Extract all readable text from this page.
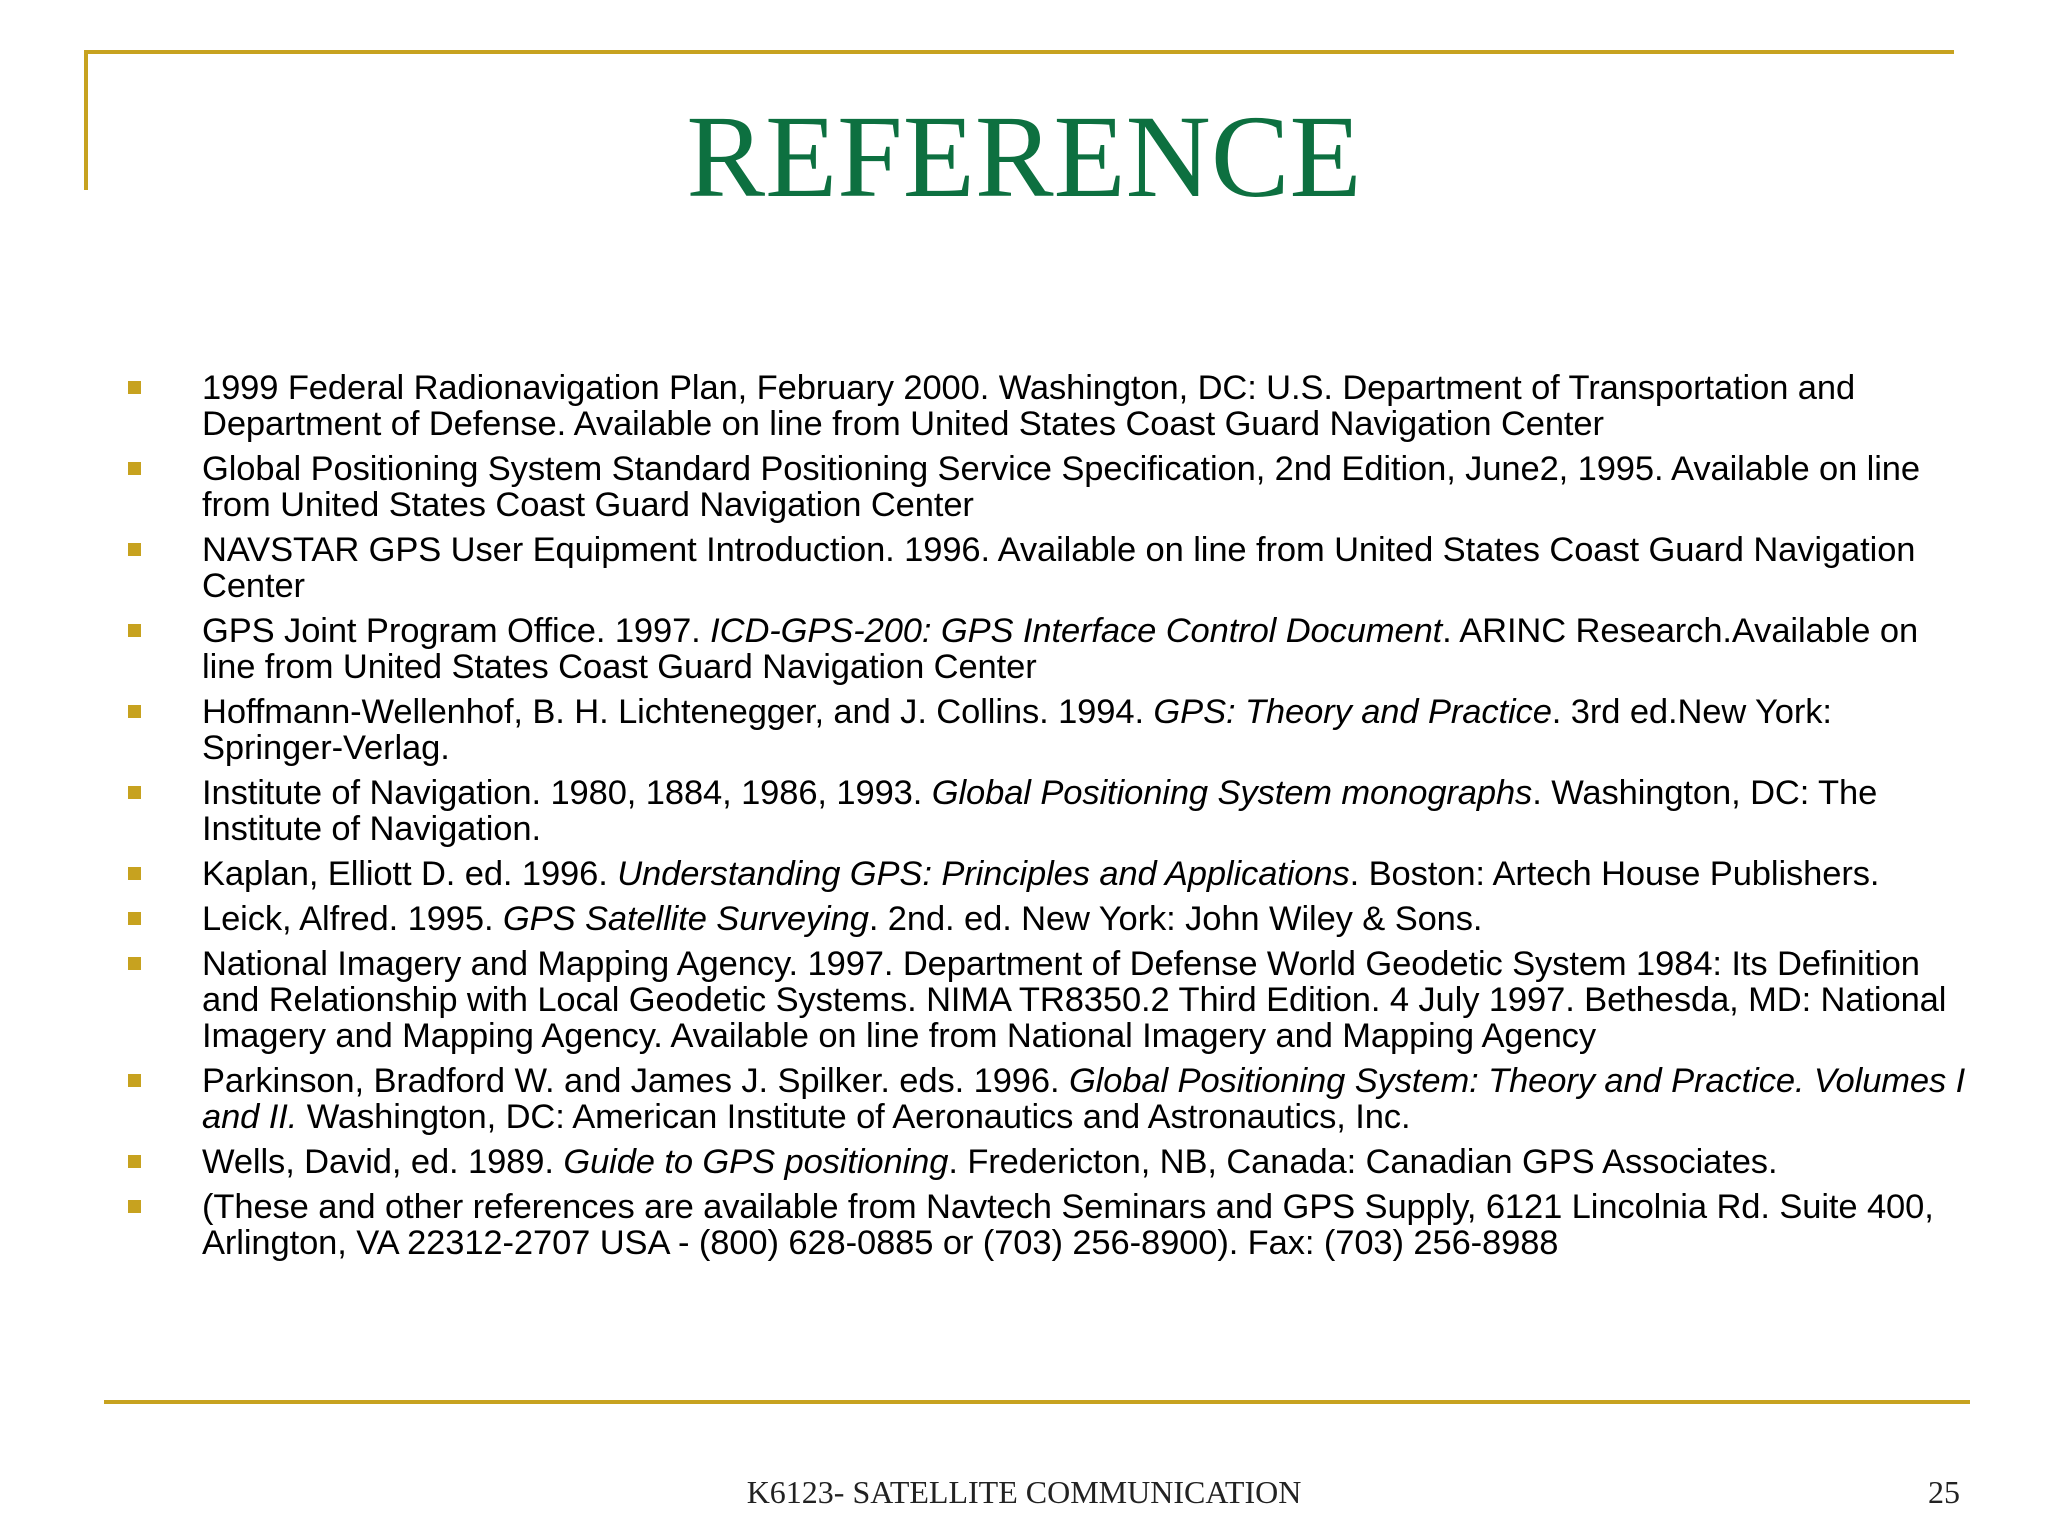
REFERENCE
1999 Federal Radionavigation Plan, February 2000. Washington, DC: U.S. Department of Transportation and Department of Defense. Available on line from United States Coast Guard Navigation Center
Global Positioning System Standard Positioning Service Specification, 2nd Edition, June2, 1995. Available on line from United States Coast Guard Navigation Center
NAVSTAR GPS User Equipment Introduction. 1996. Available on line from United States Coast Guard Navigation Center
GPS Joint Program Office. 1997. ICD-GPS-200: GPS Interface Control Document. ARINC Research.Available on line from United States Coast Guard Navigation Center
Hoffmann-Wellenhof, B. H. Lichtenegger, and J. Collins. 1994. GPS: Theory and Practice. 3rd ed.New York: Springer-Verlag.
Institute of Navigation. 1980, 1884, 1986, 1993. Global Positioning System monographs. Washington, DC: The Institute of Navigation.
Kaplan, Elliott D. ed. 1996. Understanding GPS: Principles and Applications. Boston: Artech House Publishers.
Leick, Alfred. 1995. GPS Satellite Surveying. 2nd. ed. New York: John Wiley & Sons.
National Imagery and Mapping Agency. 1997. Department of Defense World Geodetic System 1984: Its Definition and Relationship with Local Geodetic Systems. NIMA TR8350.2 Third Edition. 4 July 1997. Bethesda, MD: National Imagery and Mapping Agency. Available on line from National Imagery and Mapping Agency
Parkinson, Bradford W. and James J. Spilker. eds. 1996. Global Positioning System: Theory and Practice. Volumes I and II. Washington, DC: American Institute of Aeronautics and Astronautics, Inc.
Wells, David, ed. 1989. Guide to GPS positioning. Fredericton, NB, Canada: Canadian GPS Associates.
(These and other references are available from Navtech Seminars and GPS Supply, 6121 Lincolnia Rd. Suite 400, Arlington, VA 22312-2707 USA - (800) 628-0885 or (703) 256-8900). Fax: (703) 256-8988
K6123- SATELLITE COMMUNICATION	25
